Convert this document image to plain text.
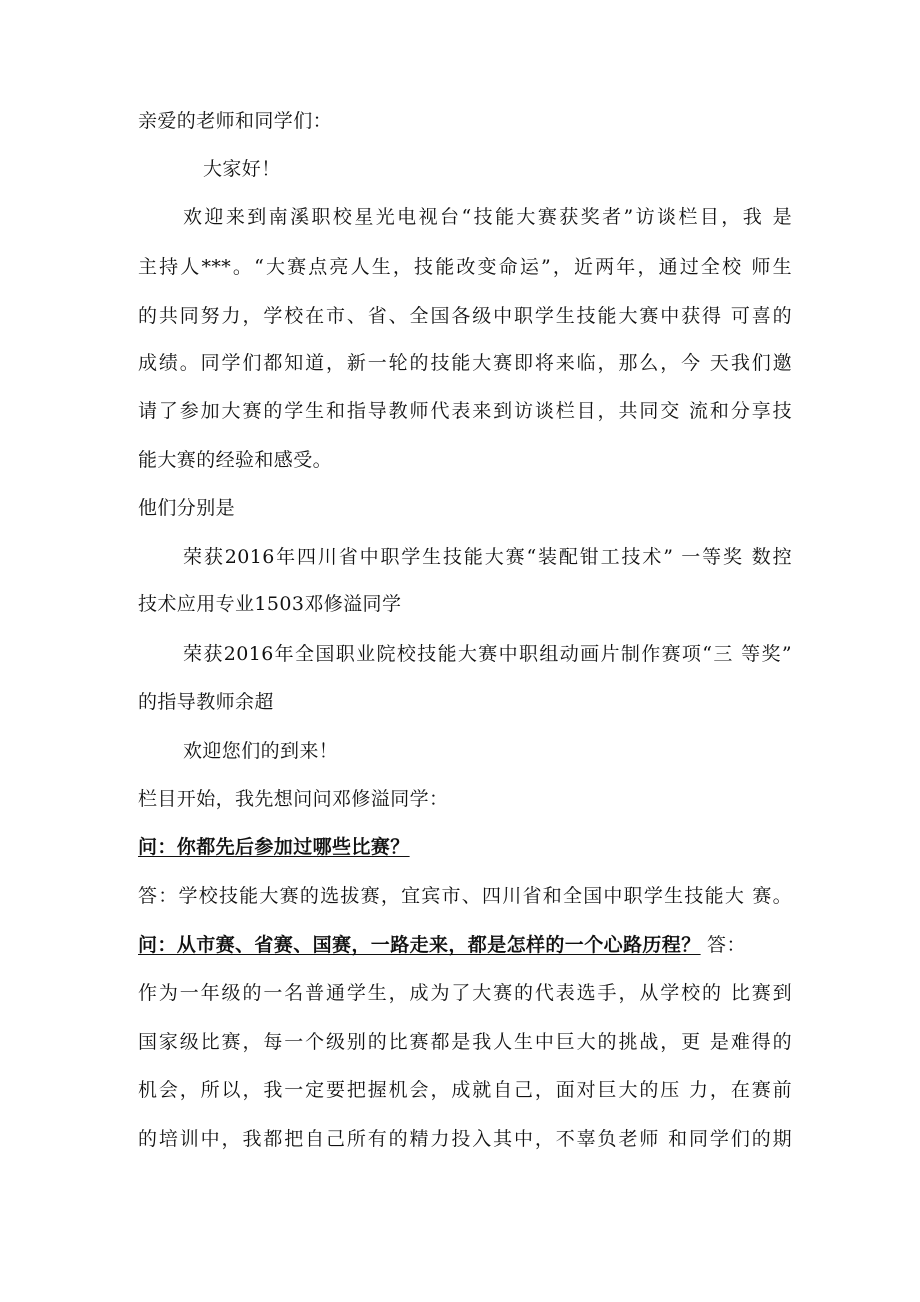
亲爱的老师和同学们：
大家好！
欢迎来到南溪职校星光电视台“技能大赛获奖者”访谈栏目，我 是
主持人***。“大赛点亮人生，技能改变命运”，近两年，通过全校 师生
的共同努力，学校在市、省、全国各级中职学生技能大赛中获得 可喜的
成绩。同学们都知道，新一轮的技能大赛即将来临，那么，今 天我们邀
请了参加大赛的学生和指导教师代表来到访谈栏目，共同交 流和分享技
能大赛的经验和感受。
他们分别是
荣获2016年四川省中职学生技能大赛“装配钳工技术” 一等奖 数控
技术应用专业1503邓修溢同学
荣获2016年全国职业院校技能大赛中职组动画片制作赛项“三 等奖”
的指导教师余超
欢迎您们的到来！
栏目开始，我先想问问邓修溢同学：
问：你都先后参加过哪些比赛？
答：学校技能大赛的选拔赛，宜宾市、四川省和全国中职学生技能大 赛。
问：从市赛、省赛、国赛，一路走来，都是怎样的一个心路历程？ 答：
作为一年级的一名普通学生，成为了大赛的代表选手，从学校的 比赛到
国家级比赛，每一个级别的比赛都是我人生中巨大的挑战，更 是难得的
机会，所以，我一定要把握机会，成就自己，面对巨大的压 力，在赛前
的培训中，我都把自己所有的精力投入其中，不辜负老师 和同学们的期
